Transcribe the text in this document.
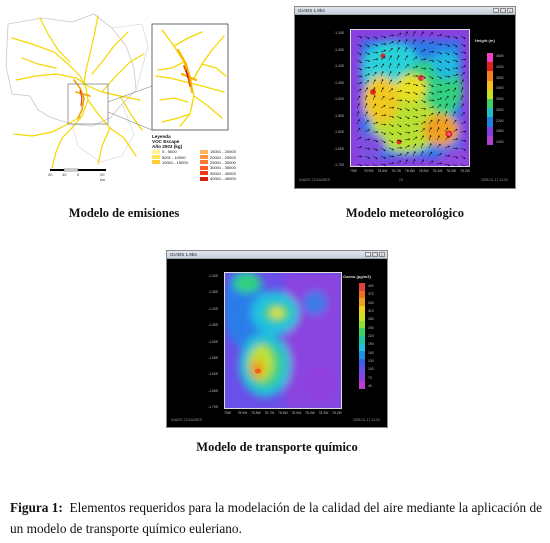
Leyenda
VOC Escape
Año 2003 (kg)
0 - 5000	15001 - 20000
5001 - 10000	20001 - 25000
10001 - 15000	25001 - 30000
30001 - 35000
35001 - 40000
40001 - 45000
20 10	0	20 km
Modelo de emisiones
GrADS 1.9b4	–	□	×
-1.30S
-1.35S
-1.40S
-1.45S
-1.50S
-1.55S
-1.60S
-1.65S
-1.70S
79W 78.9W 78.8W 78.7W 78.6W 78.5W 78.4W 78.3W 78.2W
Height (m)
4600
4200
3800
3400
3000
2600
2200
1800
1400
GrADS: COLA/IGES	10	2005-01-17-12:00
Modelo meteorológico
GrADS 1.9b4	–	□	×
-1.30S
-1.35S
-1.40S
-1.45S
-1.50S
-1.55S
-1.60S
-1.65S
-1.70S
79W 78.9W 78.8W 78.7W 78.6W 78.5W 78.4W 78.3W 78.2W
Ozono (µg/m3)
400
370
340
310
280
250
220
190
160
130
100
70
40
GrADS: COLA/IGES	2005-01-17-12:00
Modelo de transporte químico
Figura 1: Elementos requeridos para la modelación de la calidad del aire mediante la aplicación de un modelo de transporte químico euleriano.
